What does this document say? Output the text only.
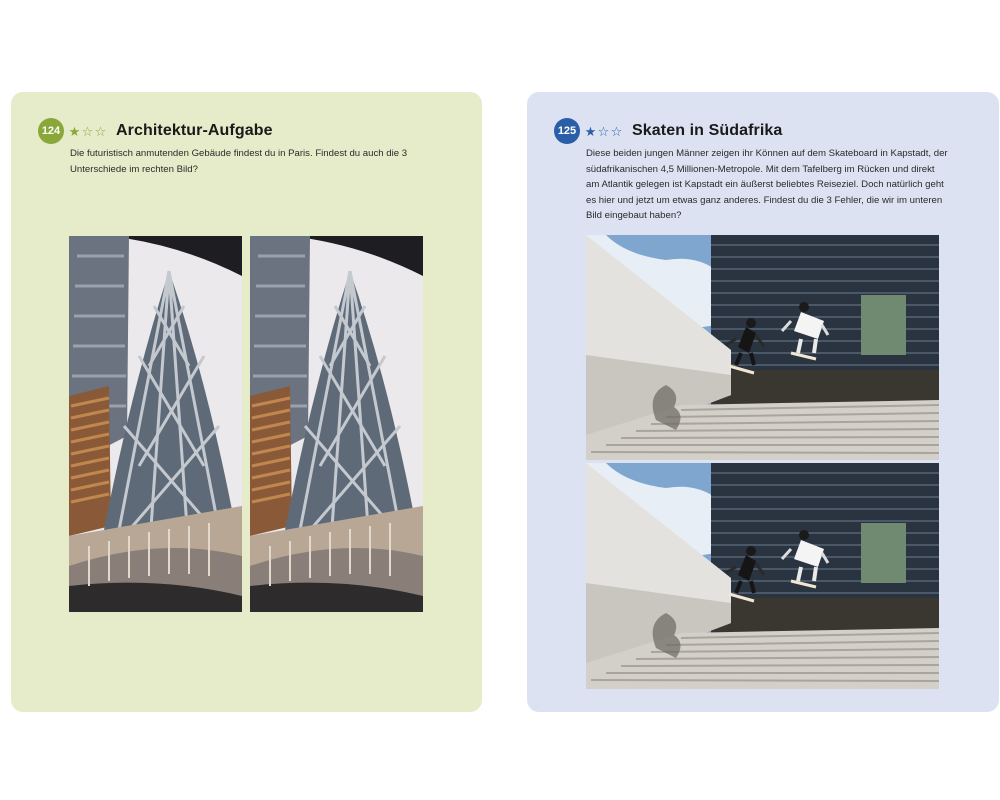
124 ★ ☆ ☆ Architektur-Aufgabe
Die futuristisch anmutenden Gebäude findest du in Paris. Findest du auch die 3 Unterschiede im rechten Bild?
125 ★ ☆ ☆ Skaten in Südafrika
Diese beiden jungen Männer zeigen ihr Können auf dem Skateboard in Kapstadt, der südafrikanischen 4,5 Millionen-Metropole. Mit dem Tafelberg im Rücken und direkt am Atlantik gelegen ist Kapstadt ein äußerst beliebtes Reiseziel. Doch natürlich geht es hier und jetzt um etwas ganz anderes. Findest du die 3 Fehler, die wir im unteren Bild eingebaut haben?
